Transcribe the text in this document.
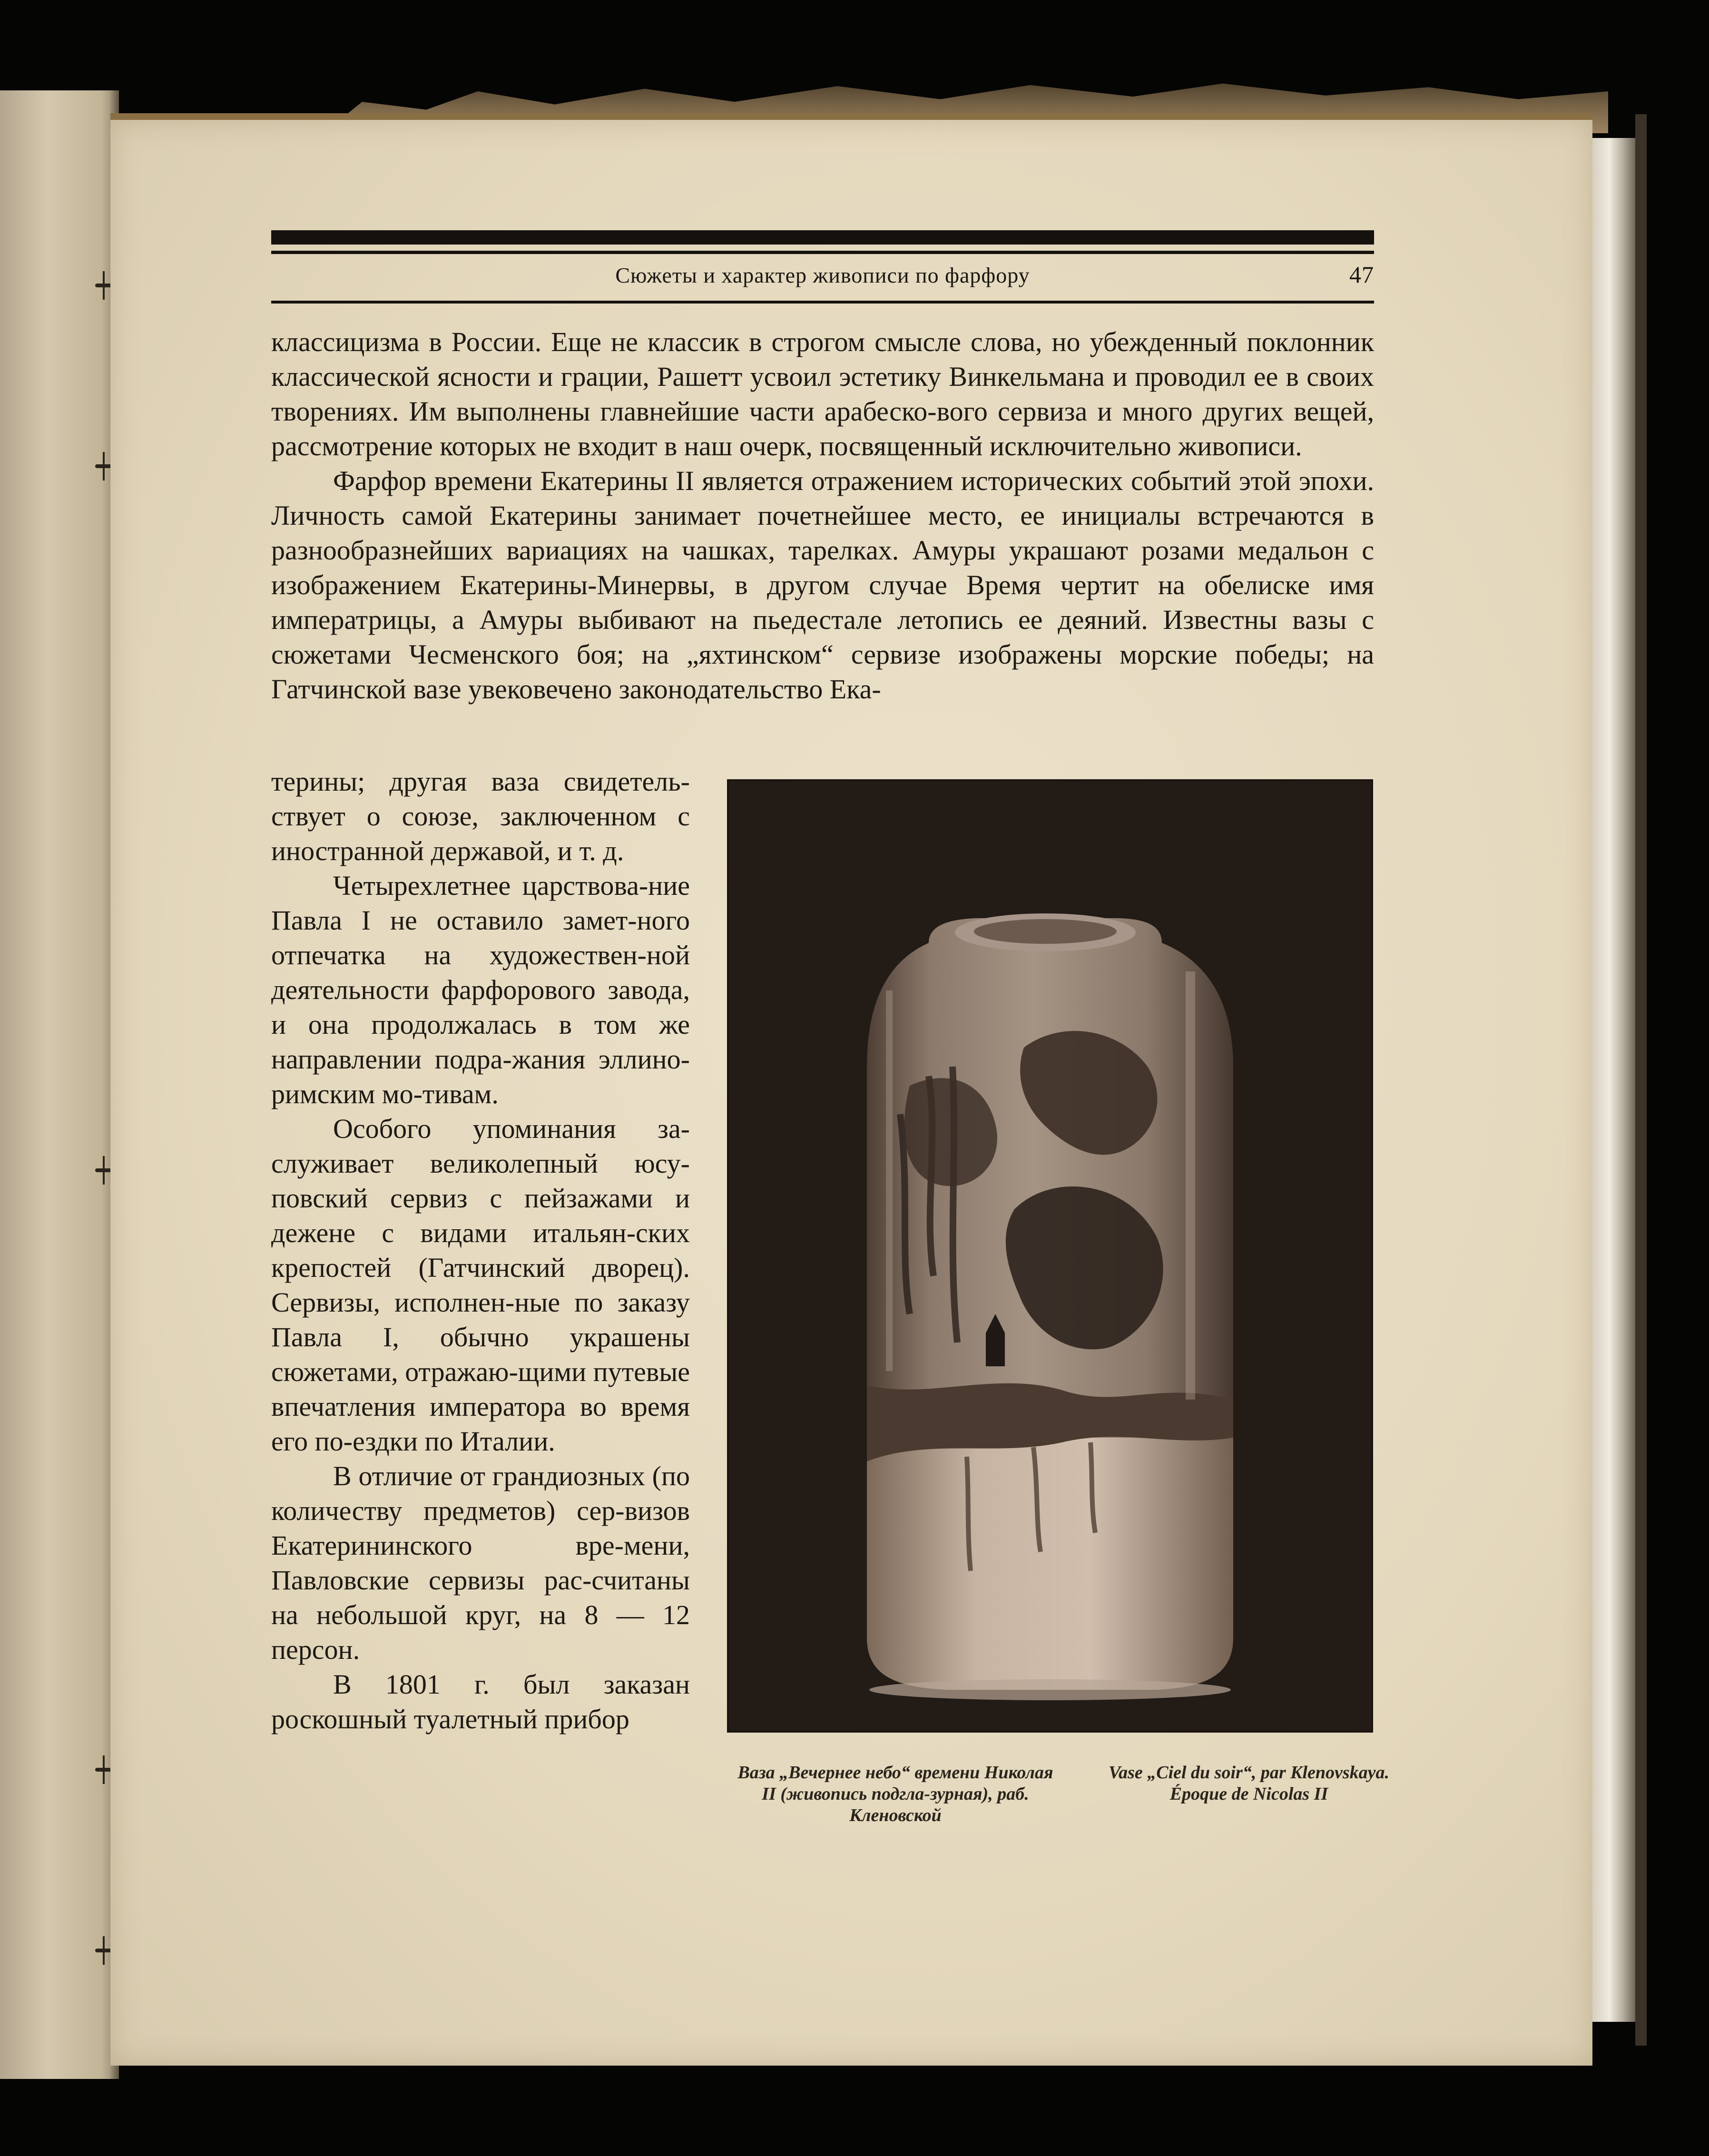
Сюжеты и характер живописи по фарфору	47

классицизма в России. Еще не классик в строгом смысле слова, но убежденный поклонник классической ясности и грации, Рашетт усвоил эстетику Винкельмана и проводил ее в своих творениях. Им выполнены главнейшие части арабеско-вого сервиза и много других вещей, рассмотрение которых не входит в наш очерк, посвященный исключительно живописи.

Фарфор времени Екатерины II является отражением исторических событий этой эпохи. Личность самой Екатерины занимает почетнейшее место, ее инициалы встречаются в разнообразнейших вариациях на чашках, тарелках. Амуры украшают розами медальон с изображением Екатерины-Минервы, в другом случае Время чертит на обелиске имя императрицы, а Амуры выбивают на пьедестале летопись ее деяний. Известны вазы с сюжетами Чесменского боя; на „яхтинском“ сервизе изображены морские победы; на Гатчинской вазе увековечено законодательство Ека-

терины; другая ваза свидетель-ствует о союзе, заключенном с иностранной державой, и т. д.

Четырехлетнее царствова-ние Павла I не оставило замет-ного отпечатка на художествен-ной деятельности фарфорового завода, и она продолжалась в том же направлении подра-жания эллино-римским мо-тивам.

Особого упоминания за-служивает великолепный юсу-повский сервиз с пейзажами и дежене с видами итальян-ских крепостей (Гатчинский дворец). Сервизы, исполнен-ные по заказу Павла I, обычно украшены сюжетами, отражаю-щими путевые впечатления императора во время его по-ездки по Италии.

В отличие от грандиозных (по количеству предметов) сер-визов Екатерининского вре-мени, Павловские сервизы рас-считаны на небольшой круг, на 8 — 12 персон.

В 1801 г. был заказан роскошный туалетный прибор

Ваза „Вечернее небо“ времени Николая II (живопись подгла-зурная), раб. Кленовской
Vase „Ciel du soir“, par Klenovskaya. Époque de Nicolas II
